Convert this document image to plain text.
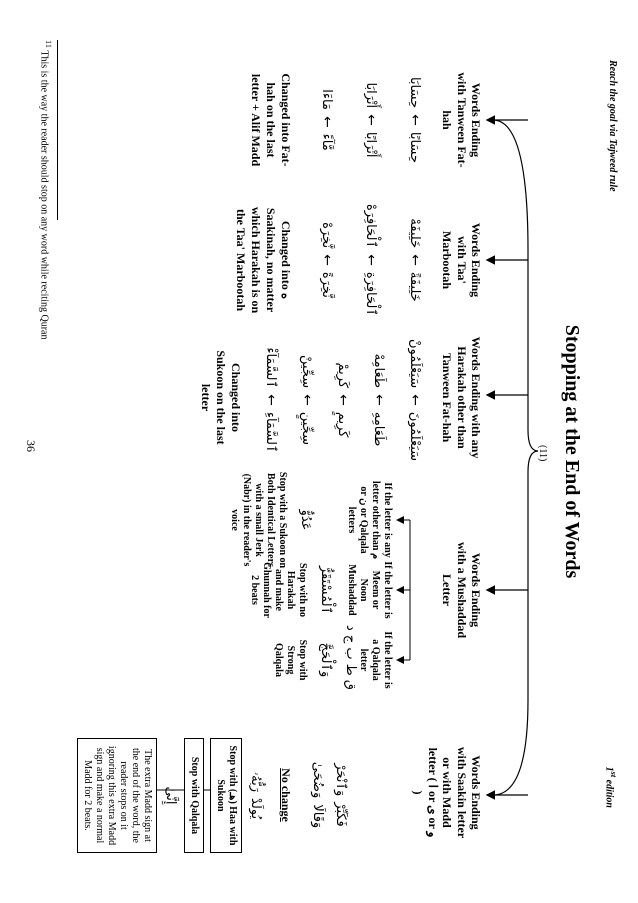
Reach the goal via Tajweed rule
1st edition
Stopping at the End of Words
(11)
Words Ending with Tanween Fat-hah
حِسَابَا
←
حِسَابًا
أَتْرَابَا
←
أَتْرَابًا
مَاءَا
←
مَّآءً
Changed into Fat-hah on the last letter + Alif Madd
Words Ending with Taa' Marbootah
خَلِيفَهْ
←
خَلِيفَةً
ٱلْحَافِرَهْ
←
ٱلْحَافِرَةِ
نَّخِرَهْ
←
نَّخِرَةً
Changed into ه Saakinah, no matter which Harakah is on the Taa' Marbootah
Words Ending with any Harakah other than Tanween Fat-hah
سَيَعْلَمُونْ
←
سَيَعْلَمُونَ
طَعَامِهْ
←
طَعَامِهِ
كَرِيمْ
←
كَرِيمٍ
سِجِّينْ
←
سِجِّينٍ
ٱلسَّمَآءْ
←
ٱلسَّمَآءِ
Changed into Sukoon on the last letter
Words Ending with a Mushaddad Letter
If the letter is any letter other than م or ن or Qalqala letters
عَدُوٌّ
Stop with a Sukoon on Both Identical Letters with a small Jerk (Nabr) in the reader's voice
If the letter is Meem or Noon Mushaddad
ٱلْمُسْتَقَرُّ
Stop with no Harakah and make Ghunnah for 2 beats
If the letter is a Qalqala letter
ق ط ب ج د
وَٱلْحَجَّ
Stop with Strong Qalqala
Words Ending with Saakin letter or with Madd letter ( ا or ى or و )
وَٱنْحَرْ
فَكَبِّرْ
وَضُحَىٰ
وَقَالَا
No change
رَبُّهُۥ
يُولَدْ
Stop with (هـ) Haa with Sukoon
Stop with Qalqala
إِنَّىٰ
The extra Madd sign at the end of the word, the reader stops on it ignoring this extra Madd sign and make a normal Madd for 2 beats.
$^{11}$ This is the way the reader should stop on any word while reciting Quran
36
